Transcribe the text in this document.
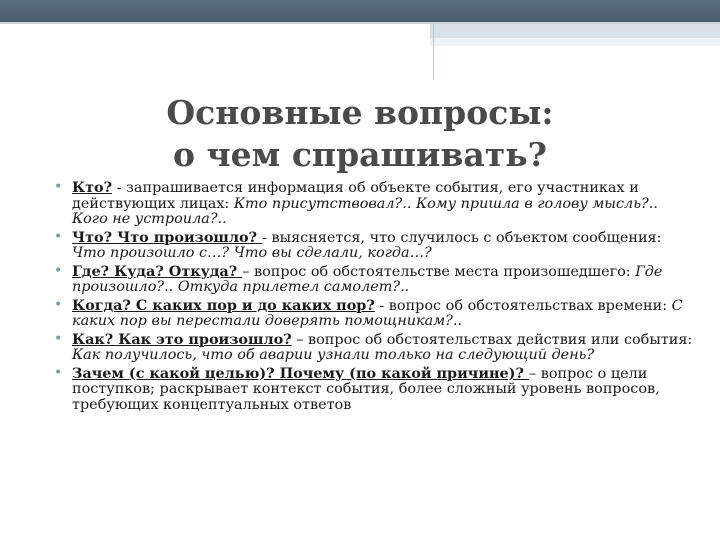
Основные вопросы:
о чем спрашивать?
• Кто? - запрашивается информация об объекте события, его участниках и действующих лицах: Кто присутствовал?.. Кому пришла в голову мысль?.. Кого не устроила?..
• Что? Что произошло? - выясняется, что случилось с объектом сообщения: Что произошло с…? Что вы сделали, когда…?
• Где? Куда? Откуда? – вопрос об обстоятельстве места произошедшего: Где произошло?.. Откуда прилетел самолет?..
• Когда? С каких пор и до каких пор? - вопрос об обстоятельствах времени: С каких пор вы перестали доверять помощникам?..
• Как? Как это произошло? – вопрос об обстоятельствах действия или события: Как получилось, что об аварии узнали только на следующий день?
• Зачем (с какой целью)? Почему (по какой причине)? – вопрос о цели поступков; раскрывает контекст события, более сложный уровень вопросов, требующих концептуальных ответов
